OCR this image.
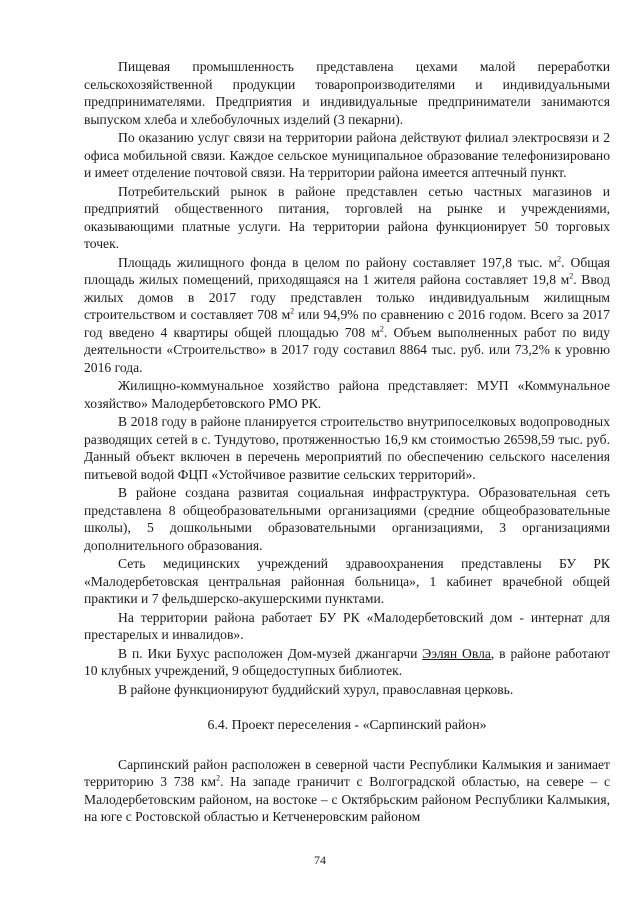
Пищевая промышленность представлена цехами малой переработки сельскохозяйственной продукции товаропроизводителями и индивидуальными предпринимателями. Предприятия и индивидуальные предприниматели занимаются выпуском хлеба и хлебобулочных изделий (3 пекарни).

По оказанию услуг связи на территории района действуют филиал электросвязи и 2 офиса мобильной связи. Каждое сельское муниципальное образование телефонизировано и имеет отделение почтовой связи. На территории района имеется аптечный пункт.

Потребительский рынок в районе представлен сетью частных магазинов и предприятий общественного питания, торговлей на рынке и учреждениями, оказывающими платные услуги. На территории района функционирует 50 торговых точек.

Площадь жилищного фонда в целом по району составляет 197,8 тыс. $м^2$. Общая площадь жилых помещений, приходящаяся на 1 жителя района составляет 19,8 $м^2$. Ввод жилых домов в 2017 году представлен только индивидуальным жилищным строительством и составляет 708 $м^2$ или 94,9% по сравнению с 2016 годом. Всего за 2017 год введено 4 квартиры общей площадью 708 $м^2$. Объем выполненных работ по виду деятельности «Строительство» в 2017 году составил 8864 тыс. руб. или 73,2% к уровню 2016 года.

Жилищно-коммунальное хозяйство района представляет: МУП «Коммунальное хозяйство» Малодербетовского РМО РК.

В 2018 году в районе планируется строительство внутрипоселковых водопроводных разводящих сетей в с. Тундутово, протяженностью 16,9 км стоимостью 26598,59 тыс. руб. Данный объект включен в перечень мероприятий по обеспечению сельского населения питьевой водой ФЦП «Устойчивое развитие сельских территорий».

В районе создана развитая социальная инфраструктура. Образовательная сеть представлена 8 общеобразовательными организациями (средние общеобразовательные школы), 5 дошкольными образовательными организациями, 3 организациями дополнительного образования.

Сеть медицинских учреждений здравоохранения представлены БУ РК «Малодербетовская центральная районная больница», 1 кабинет врачебной общей практики и 7 фельдшерско-акушерскими пунктами.

На территории района работает БУ РК «Малодербетовский дом - интернат для престарелых и инвалидов».

В п. Ики Бухус расположен Дом-музей джангарчи Ээлян Овла, в районе работают 10 клубных учреждений, 9 общедоступных библиотек.

В районе функционируют буддийский хурул, православная церковь.

6.4. Проект переселения - «Сарпинский район»

Сарпинский район расположен в северной части Республики Калмыкия и занимает территорию 3 738 $км^2$. На западе граничит с Волгоградской областью, на севере – с Малодербетовским районом, на востоке – с Октябрьским районом Республики Калмыкия, на юге с Ростовской областью и Кетченеровским районом

74
